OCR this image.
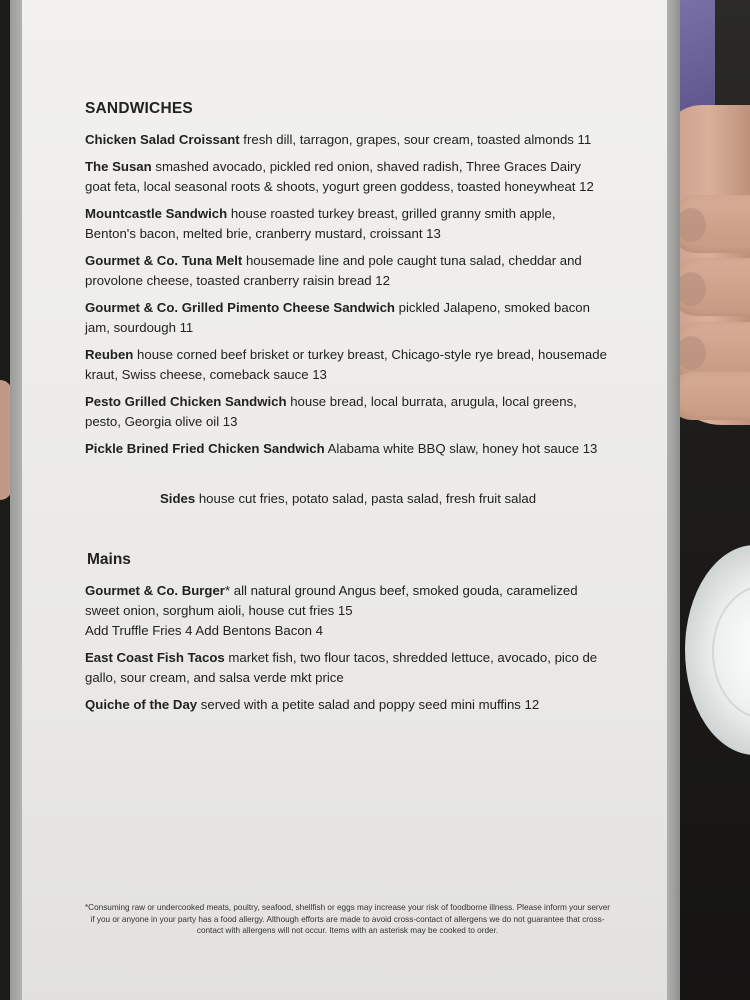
SANDWICHES
Chicken Salad Croissant fresh dill, tarragon, grapes, sour cream, toasted almonds 11
The Susan smashed avocado, pickled red onion, shaved radish, Three Graces Dairy goat feta, local seasonal roots & shoots, yogurt green goddess, toasted honeywheat 12
Mountcastle Sandwich house roasted turkey breast, grilled granny smith apple, Benton's bacon, melted brie, cranberry mustard, croissant 13
Gourmet & Co. Tuna Melt housemade line and pole caught tuna salad, cheddar and provolone cheese, toasted cranberry raisin bread 12
Gourmet & Co. Grilled Pimento Cheese Sandwich pickled Jalapeno, smoked bacon jam, sourdough 11
Reuben house corned beef brisket or turkey breast, Chicago-style rye bread, housemade kraut, Swiss cheese, comeback sauce 13
Pesto Grilled Chicken Sandwich house bread, local burrata, arugula, local greens, pesto, Georgia olive oil 13
Pickle Brined Fried Chicken Sandwich Alabama white BBQ slaw, honey hot sauce 13
Sides house cut fries, potato salad, pasta salad, fresh fruit salad
Mains
Gourmet & Co. Burger* all natural ground Angus beef, smoked gouda, caramelized sweet onion, sorghum aioli, house cut fries 15
Add Truffle Fries 4 Add Bentons Bacon 4
East Coast Fish Tacos market fish, two flour tacos, shredded lettuce, avocado, pico de gallo, sour cream, and salsa verde mkt price
Quiche of the Day served with a petite salad and poppy seed mini muffins 12
*Consuming raw or undercooked meats, poultry, seafood, shellfish or eggs may increase your risk of foodborne illness. Please inform your server if you or anyone in your party has a food allergy. Although efforts are made to avoid cross-contact of allergens we do not guarantee that cross-contact with allergens will not occur. Items with an asterisk may be cooked to order.
